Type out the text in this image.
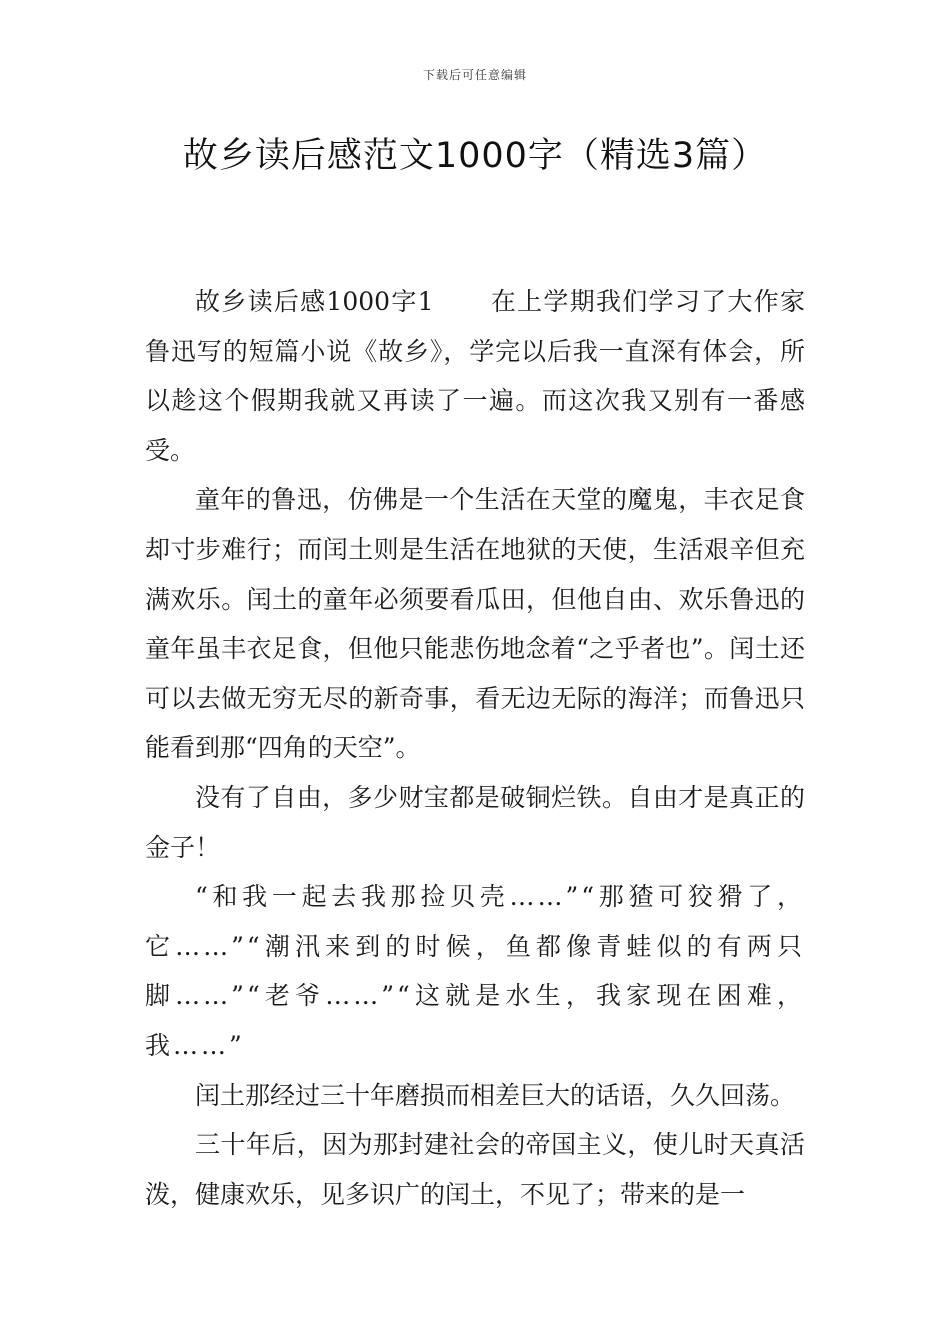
下载后可任意编辑
故乡读后感范文1000字（精选3篇）

故乡读后感1000字1 在上学期我们学习了大作家鲁迅写的短篇小说《故乡》，学完以后我一直深有体会，所以趁这个假期我就又再读了一遍。而这次我又别有一番感受。

童年的鲁迅，仿佛是一个生活在天堂的魔鬼，丰衣足食却寸步难行；而闰土则是生活在地狱的天使，生活艰辛但充满欢乐。闰土的童年必须要看瓜田，但他自由、欢乐鲁迅的童年虽丰衣足食，但他只能悲伤地念着“之乎者也”。闰土还可以去做无穷无尽的新奇事，看无边无际的海洋；而鲁迅只能看到那“四角的天空”。

没有了自由，多少财宝都是破铜烂铁。自由才是真正的金子！

“和我一起去我那捡贝壳……”“那猹可狡猾了，它……”“潮汛来到的时候，鱼都像青蛙似的有两只脚……”“老爷……”“这就是水生，我家现在困难，我……”

闰土那经过三十年磨损而相差巨大的话语，久久回荡。

三十年后，因为那封建社会的帝国主义，使儿时天真活泼，健康欢乐，见多识广的闰土，不见了；带来的是一
